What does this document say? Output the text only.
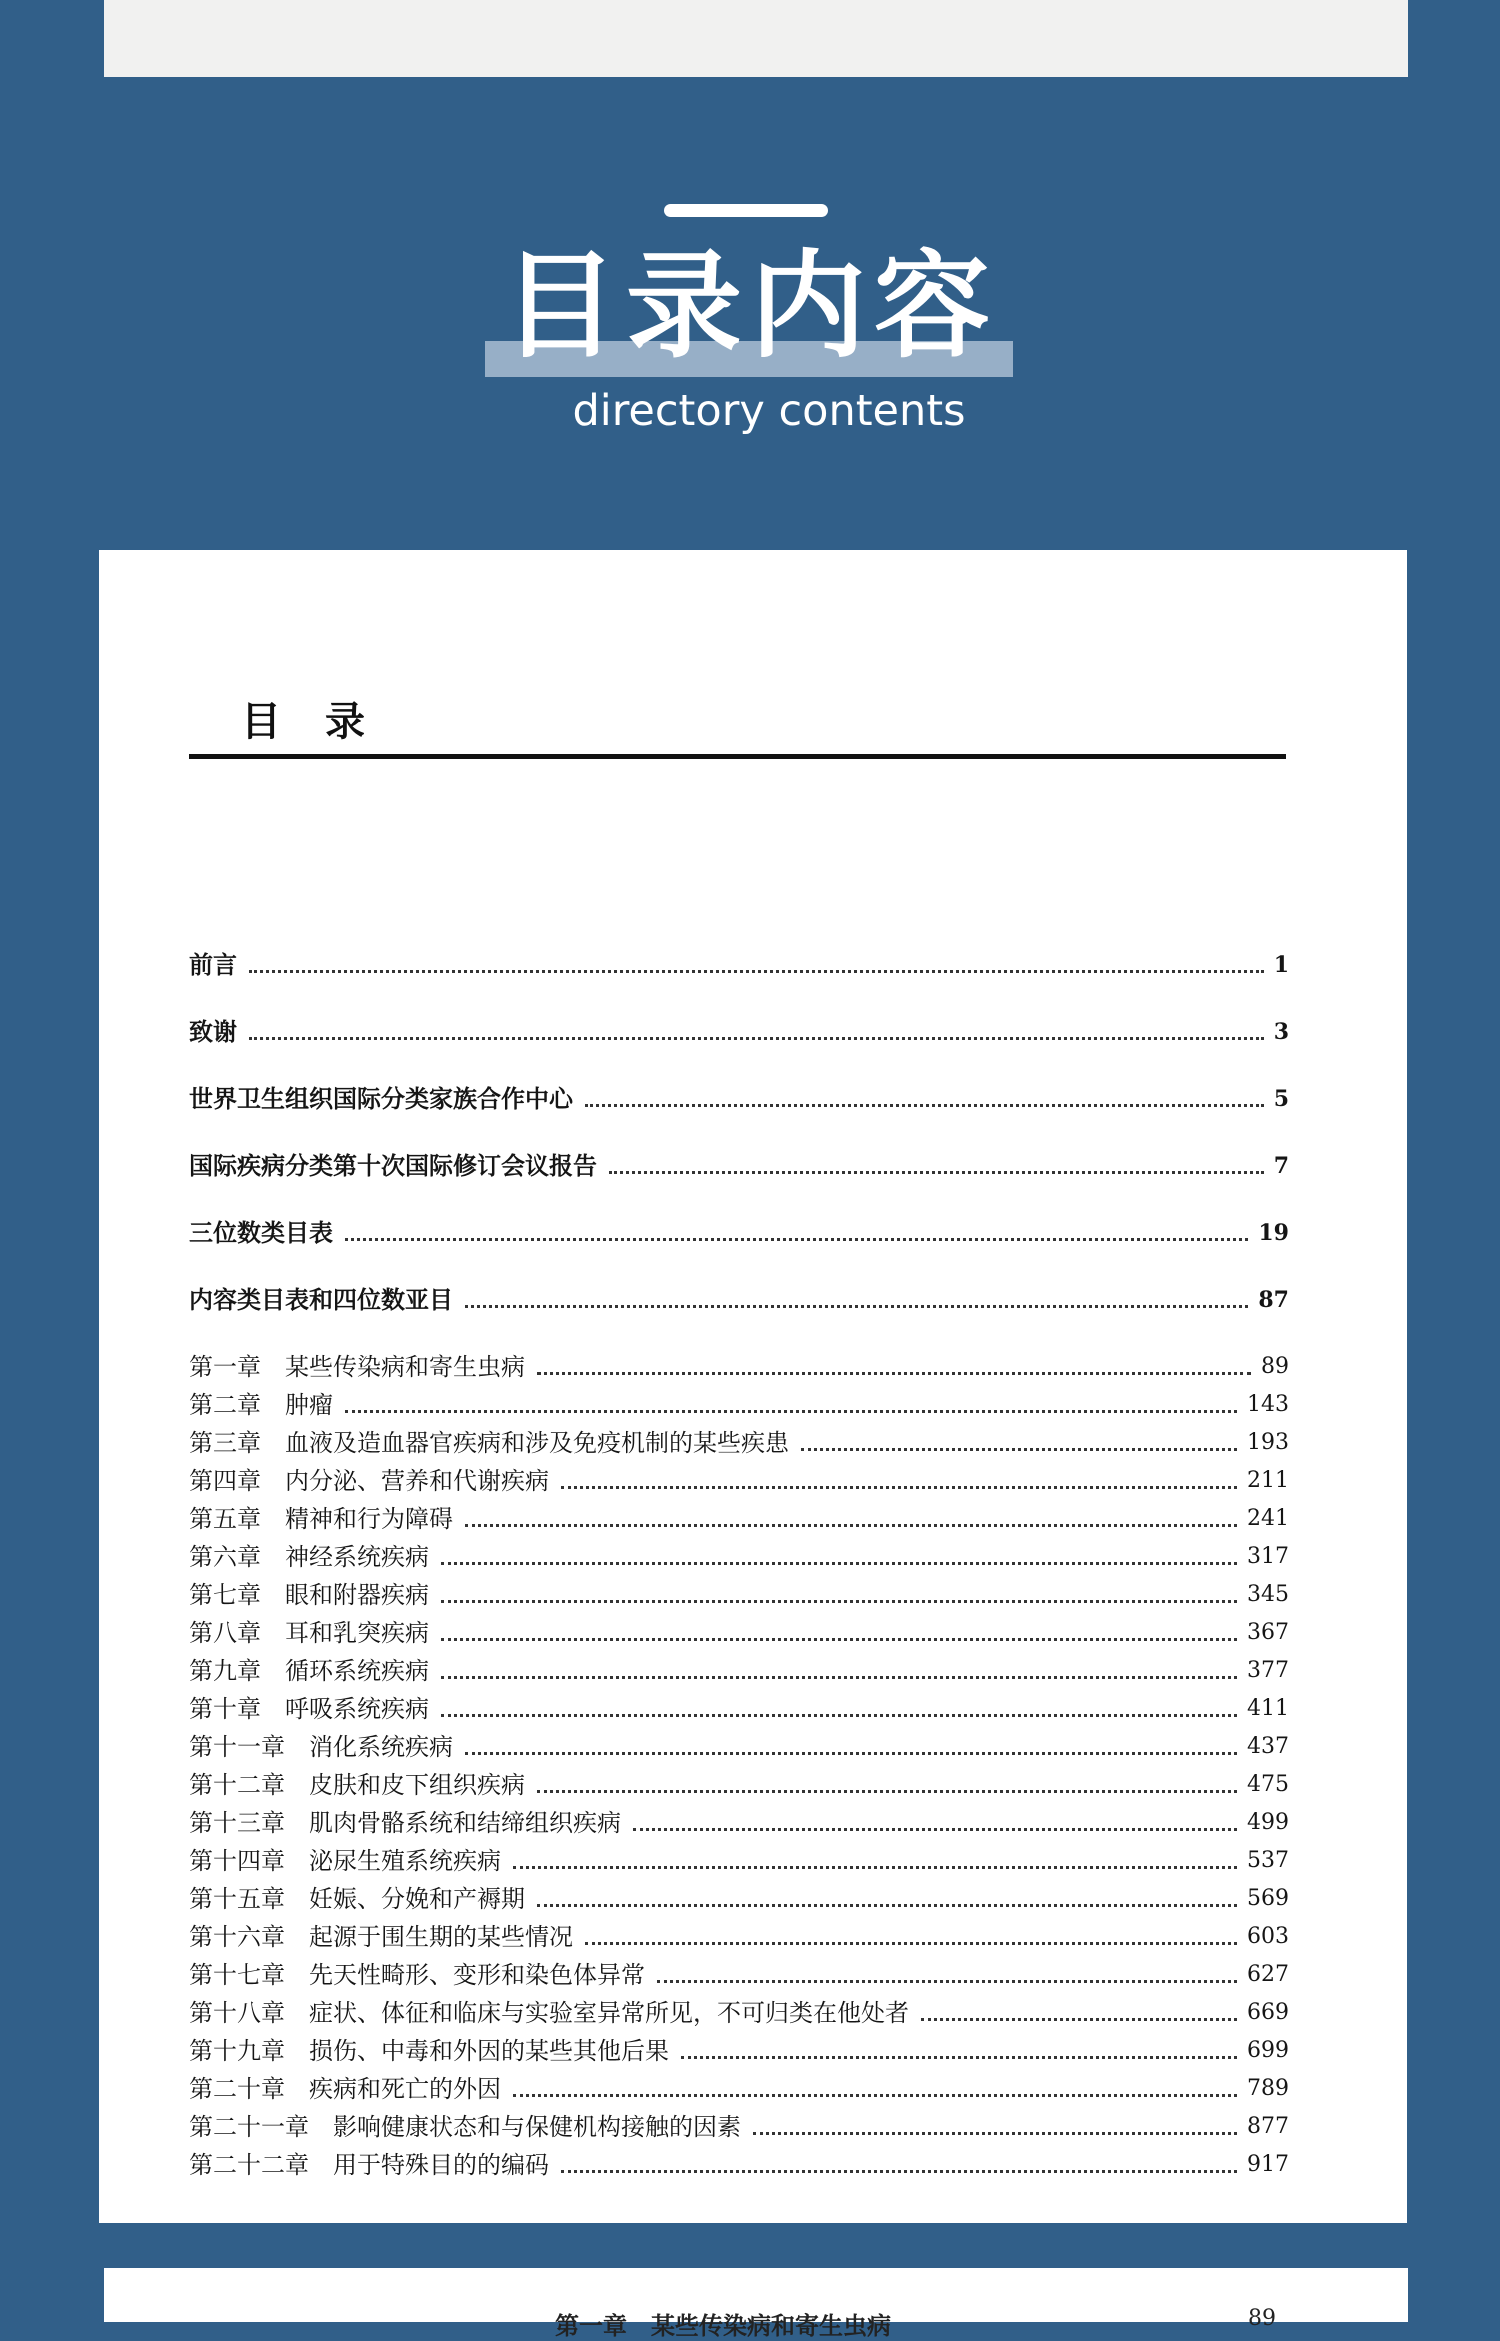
目录内容
directory contents
目录
前言	1
致谢	3
世界卫生组织国际分类家族合作中心	5
国际疾病分类第十次国际修订会议报告	7
三位数类目表	19
内容类目表和四位数亚目	87
第一章　某些传染病和寄生虫病	89
第二章　肿瘤	143
第三章　血液及造血器官疾病和涉及免疫机制的某些疾患	193
第四章　内分泌、营养和代谢疾病	211
第五章　精神和行为障碍	241
第六章　神经系统疾病	317
第七章　眼和附器疾病	345
第八章　耳和乳突疾病	367
第九章　循环系统疾病	377
第十章　呼吸系统疾病	411
第十一章　消化系统疾病	437
第十二章　皮肤和皮下组织疾病	475
第十三章　肌肉骨骼系统和结缔组织疾病	499
第十四章　泌尿生殖系统疾病	537
第十五章　妊娠、分娩和产褥期	569
第十六章　起源于围生期的某些情况	603
第十七章　先天性畸形、变形和染色体异常	627
第十八章　症状、体征和临床与实验室异常所见，不可归类在他处者	669
第十九章　损伤、中毒和外因的某些其他后果	699
第二十章　疾病和死亡的外因	789
第二十一章　影响健康状态和与保健机构接触的因素	877
第二十二章　用于特殊目的的编码	917
第一章　某些传染病和寄生虫病	89
